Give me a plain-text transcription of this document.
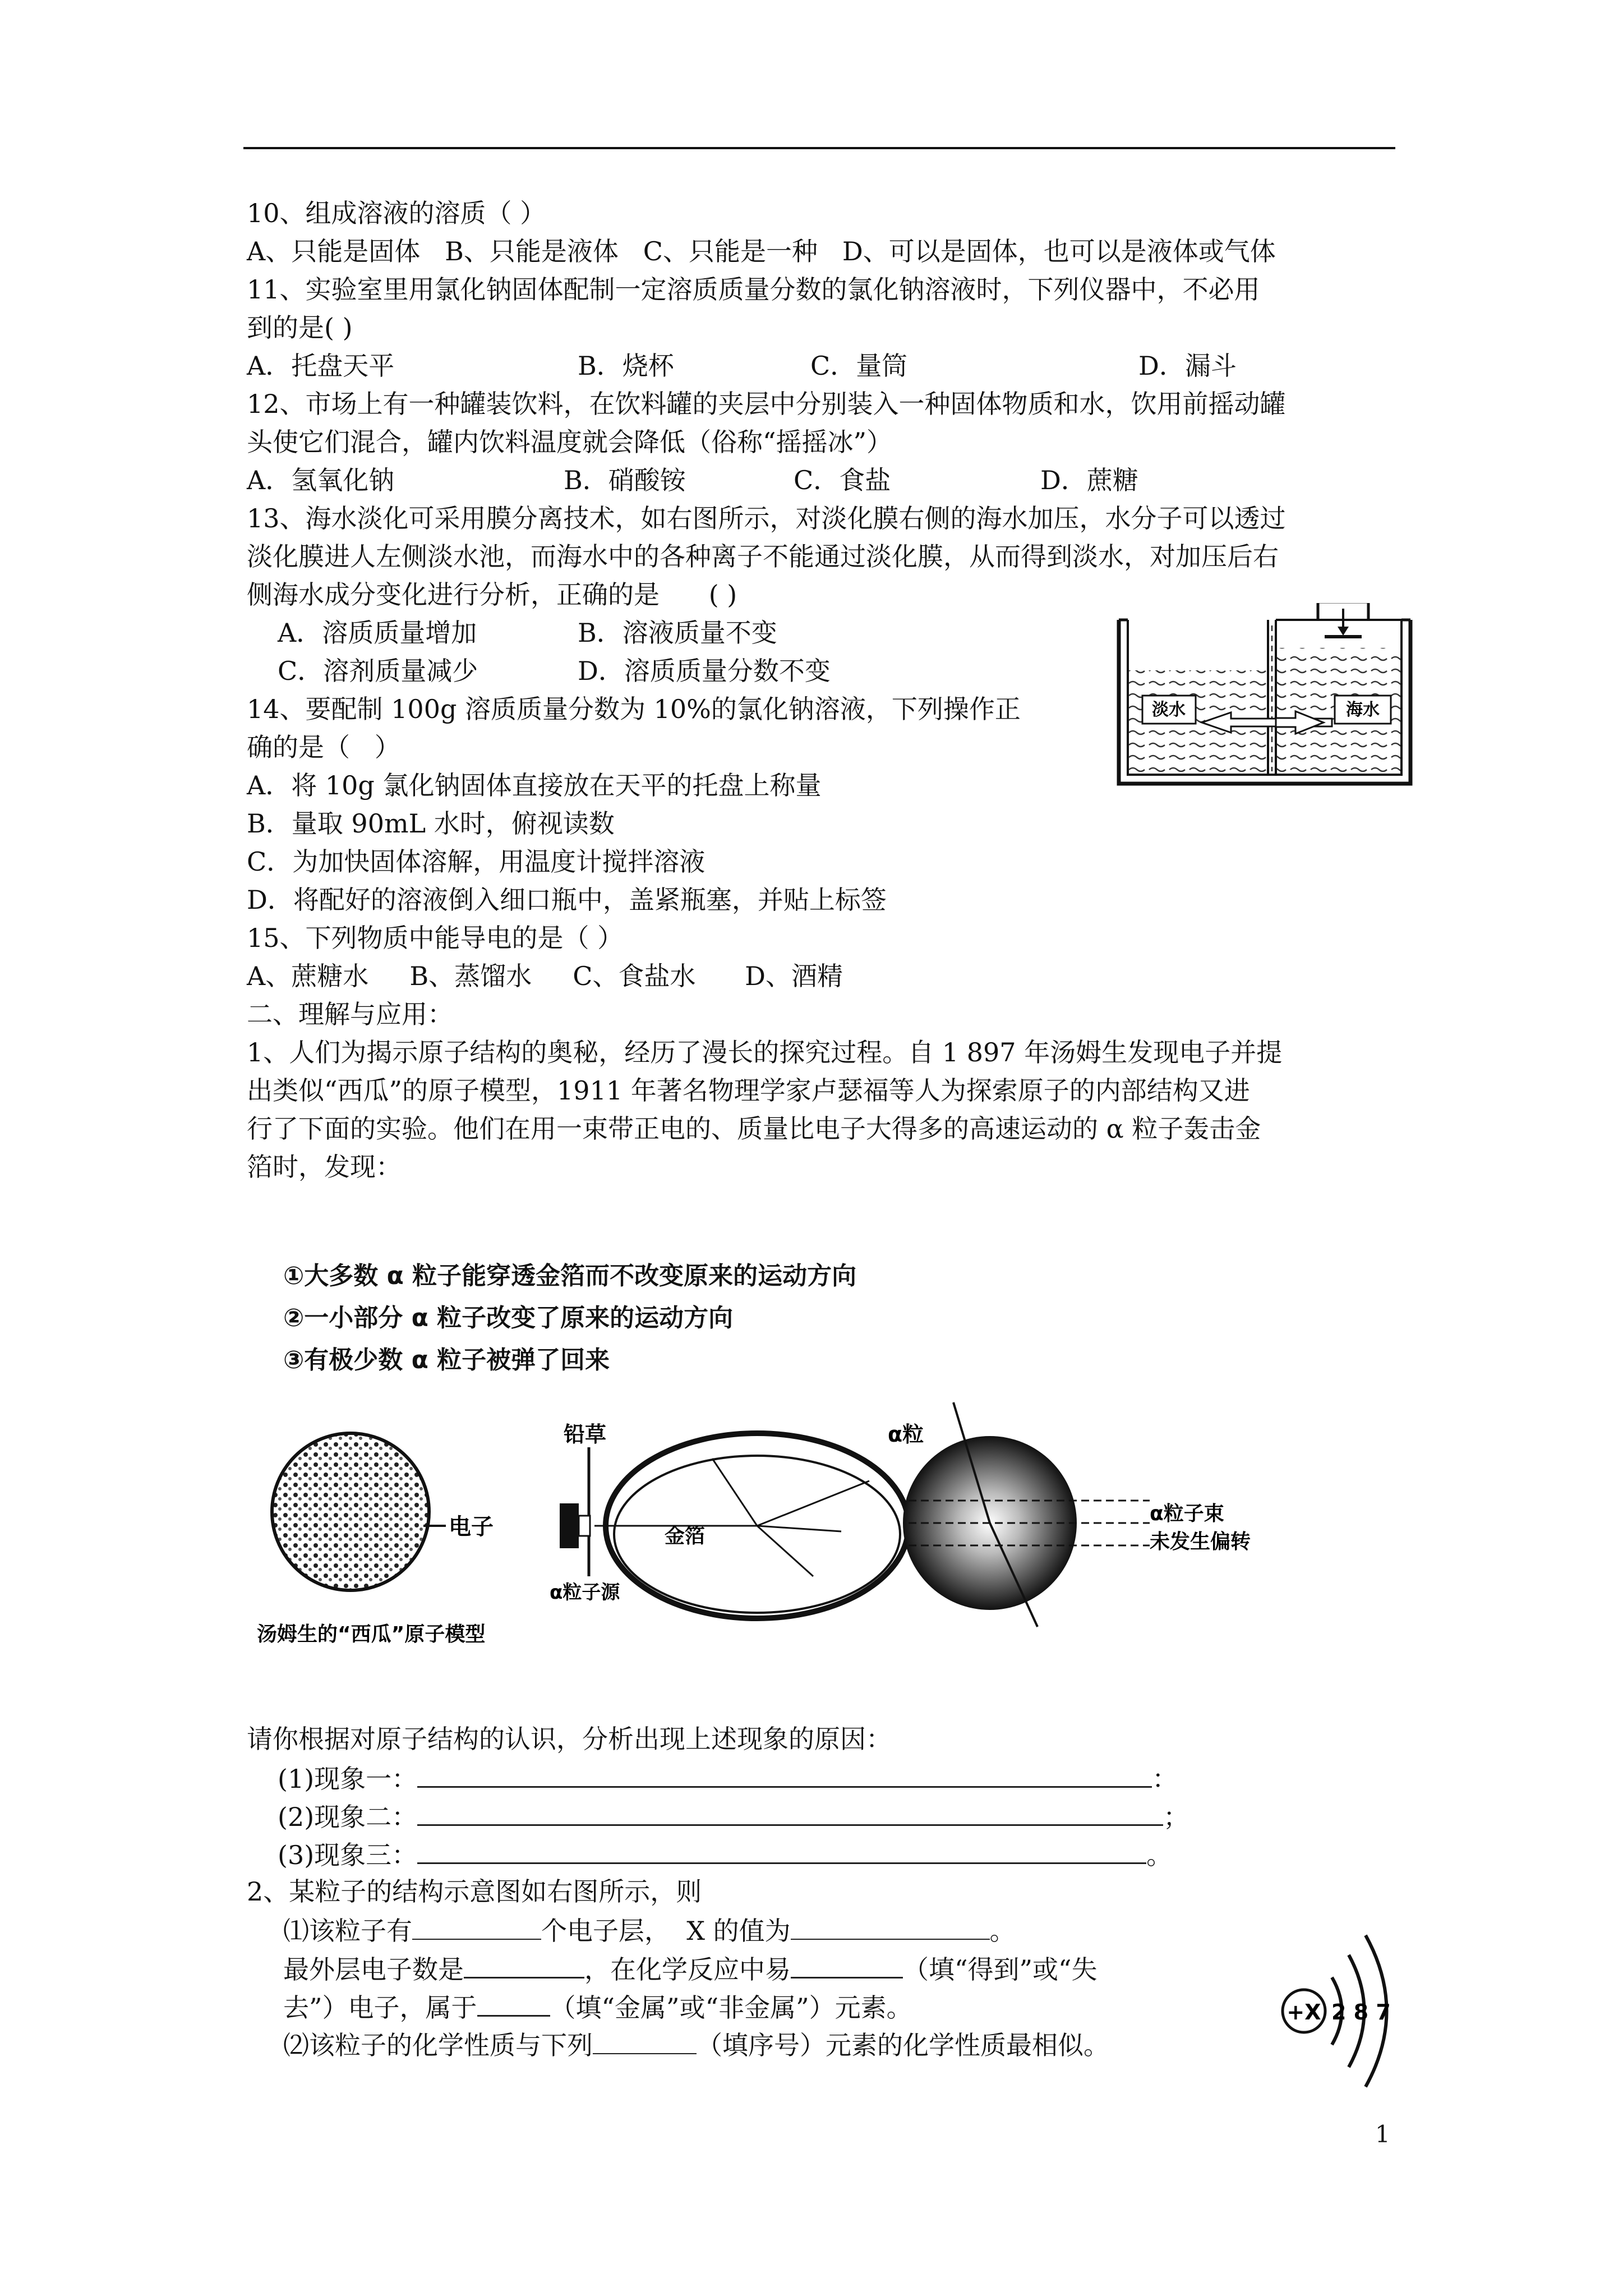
10、组成溶液的溶质（ ）
A、只能是固体   B、只能是液体   C、只能是一种   D、可以是固体，也可以是液体或气体
11、实验室里用氯化钠固体配制一定溶质质量分数的氯化钠溶液时，下列仪器中，不必用
到的是( )
A．托盘天平	B．烧杯	C．量筒	D．漏斗
12、市场上有一种罐装饮料，在饮料罐的夹层中分别装入一种固体物质和水，饮用前摇动罐
头使它们混合，罐内饮料温度就会降低（俗称“摇摇冰”）
A．氢氧化钠	B．硝酸铵	C．食盐	D．蔗糖
13、海水淡化可采用膜分离技术，如右图所示，对淡化膜右侧的海水加压，水分子可以透过
淡化膜进人左侧淡水池，而海水中的各种离子不能通过淡化膜，从而得到淡水，对加压后右
侧海水成分变化进行分析，正确的是      ( )
A．溶质质量增加	B．溶液质量不变
C．溶剂质量减少	D．溶质质量分数不变
淡水	海水
14、要配制 100g 溶质质量分数为 10%的氯化钠溶液，下列操作正
确的是（   ）
A．将 10g 氯化钠固体直接放在天平的托盘上称量
B．量取 90mL 水时，俯视读数
C．为加快固体溶解，用温度计搅拌溶液
D．将配好的溶液倒入细口瓶中，盖紧瓶塞，并贴上标签
15、下列物质中能导电的是（ ）
A、蔗糖水     B、蒸馏水     C、食盐水      D、酒精
二、理解与应用：
1、人们为揭示原子结构的奥秘，经历了漫长的探究过程。自 1 897 年汤姆生发现电子并提
出类似“西瓜”的原子模型，1911 年著名物理学家卢瑟福等人为探索原子的内部结构又进
行了下面的实验。他们在用一束带正电的、质量比电子大得多的高速运动的 α 粒子轰击金
箔时，发现：
①大多数 α 粒子能穿透金箔而不改变原来的运动方向
②一小部分 α 粒子改变了原来的运动方向
③有极少数 α 粒子被弹了回来
电子
汤姆生的“西瓜”原子模型
铅草
金箔
α粒
α粒子源
α粒子束
未发生偏转
请你根据对原子结构的认识，分析出现上述现象的原因：
(1)现象一：	：
(2)现象二：	；
(3)现象三：	。
2、某粒子的结构示意图如右图所示，则
⑴该粒子有	个电子层，  X 的值为	。
最外层电子数是	，在化学反应中易	（填“得到”或“失
去”）电子，属于	（填“金属”或“非金属”）元素。
⑵该粒子的化学性质与下列	（填序号）元素的化学性质最相似。
+X 2 8 7
1
